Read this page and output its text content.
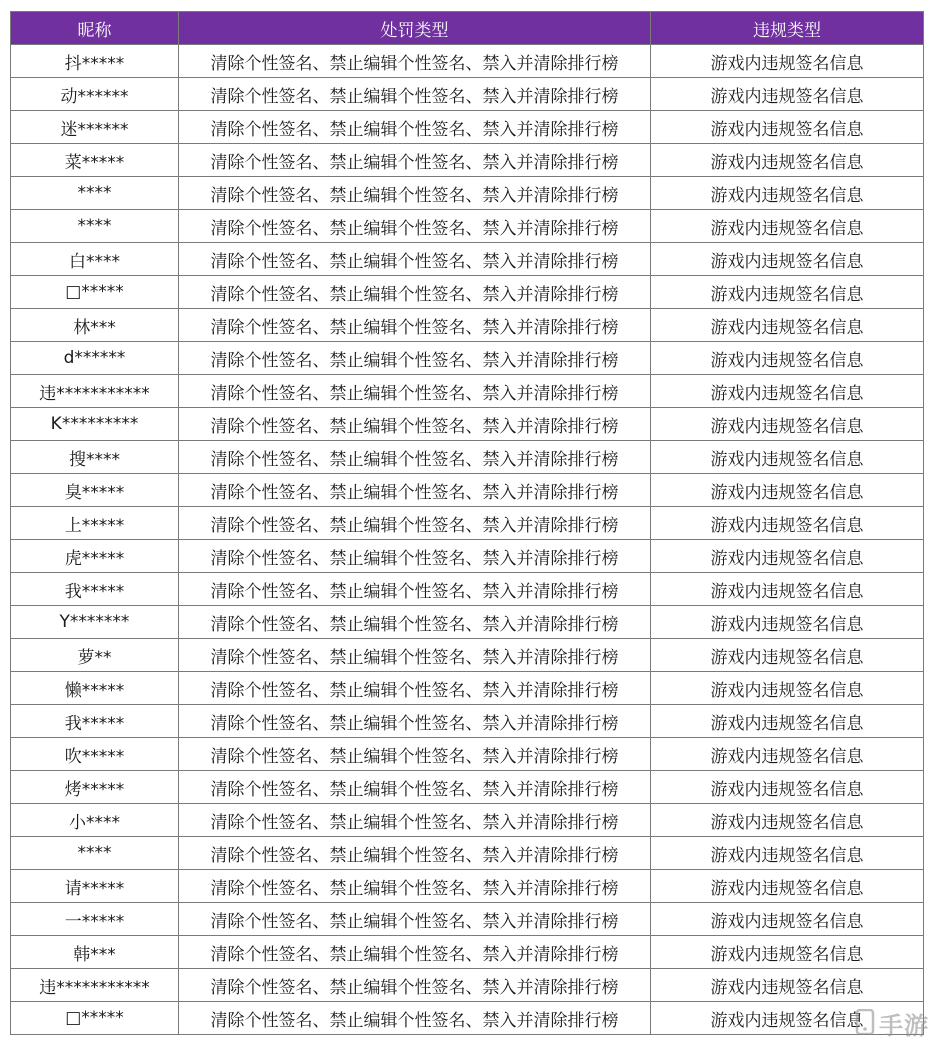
昵称	处罚类型	违规类型
抖*****	清除个性签名、禁止编辑个性签名、禁入并清除排行榜	游戏内违规签名信息
动******	清除个性签名、禁止编辑个性签名、禁入并清除排行榜	游戏内违规签名信息
迷******	清除个性签名、禁止编辑个性签名、禁入并清除排行榜	游戏内违规签名信息
菜*****	清除个性签名、禁止编辑个性签名、禁入并清除排行榜	游戏内违规签名信息
****	清除个性签名、禁止编辑个性签名、禁入并清除排行榜	游戏内违规签名信息
****	清除个性签名、禁止编辑个性签名、禁入并清除排行榜	游戏内违规签名信息
白****	清除个性签名、禁止编辑个性签名、禁入并清除排行榜	游戏内违规签名信息
□*****	清除个性签名、禁止编辑个性签名、禁入并清除排行榜	游戏内违规签名信息
林***	清除个性签名、禁止编辑个性签名、禁入并清除排行榜	游戏内违规签名信息
d******	清除个性签名、禁止编辑个性签名、禁入并清除排行榜	游戏内违规签名信息
违***********	清除个性签名、禁止编辑个性签名、禁入并清除排行榜	游戏内违规签名信息
K*********	清除个性签名、禁止编辑个性签名、禁入并清除排行榜	游戏内违规签名信息
搜****	清除个性签名、禁止编辑个性签名、禁入并清除排行榜	游戏内违规签名信息
臭*****	清除个性签名、禁止编辑个性签名、禁入并清除排行榜	游戏内违规签名信息
上*****	清除个性签名、禁止编辑个性签名、禁入并清除排行榜	游戏内违规签名信息
虎*****	清除个性签名、禁止编辑个性签名、禁入并清除排行榜	游戏内违规签名信息
我*****	清除个性签名、禁止编辑个性签名、禁入并清除排行榜	游戏内违规签名信息
Y*******	清除个性签名、禁止编辑个性签名、禁入并清除排行榜	游戏内违规签名信息
萝**	清除个性签名、禁止编辑个性签名、禁入并清除排行榜	游戏内违规签名信息
懒*****	清除个性签名、禁止编辑个性签名、禁入并清除排行榜	游戏内违规签名信息
我*****	清除个性签名、禁止编辑个性签名、禁入并清除排行榜	游戏内违规签名信息
吹*****	清除个性签名、禁止编辑个性签名、禁入并清除排行榜	游戏内违规签名信息
烤*****	清除个性签名、禁止编辑个性签名、禁入并清除排行榜	游戏内违规签名信息
小****	清除个性签名、禁止编辑个性签名、禁入并清除排行榜	游戏内违规签名信息
****	清除个性签名、禁止编辑个性签名、禁入并清除排行榜	游戏内违规签名信息
请*****	清除个性签名、禁止编辑个性签名、禁入并清除排行榜	游戏内违规签名信息
一*****	清除个性签名、禁止编辑个性签名、禁入并清除排行榜	游戏内违规签名信息
韩***	清除个性签名、禁止编辑个性签名、禁入并清除排行榜	游戏内违规签名信息
违***********	清除个性签名、禁止编辑个性签名、禁入并清除排行榜	游戏内违规签名信息
□*****	清除个性签名、禁止编辑个性签名、禁入并清除排行榜	游戏内违规签名信息 手游
